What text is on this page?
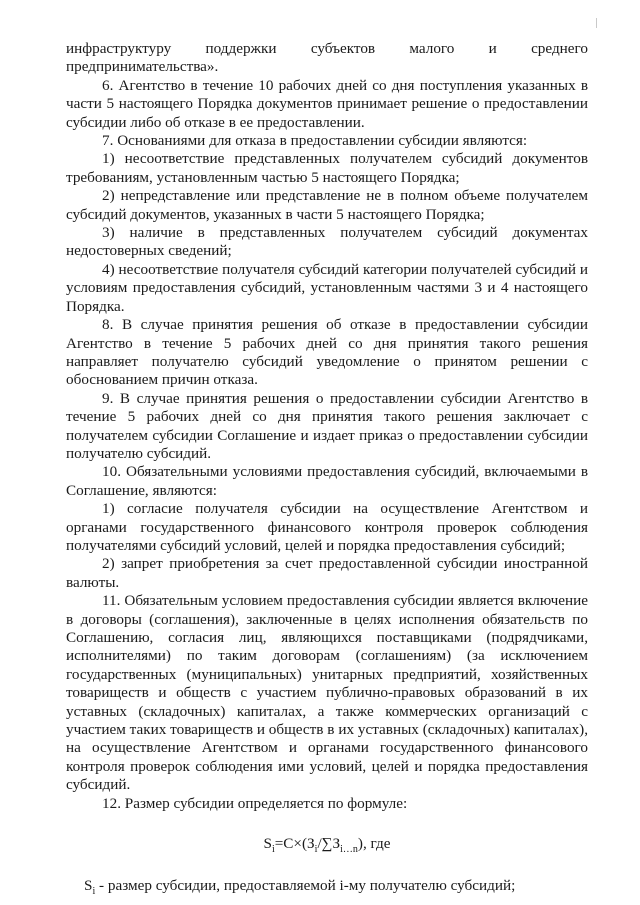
инфраструктуру поддержки субъектов малого и среднего предпринимательства».

6. Агентство в течение 10 рабочих дней со дня поступления указанных в части 5 настоящего Порядка документов принимает решение о предоставлении субсидии либо об отказе в ее предоставлении.

7. Основаниями для отказа в предоставлении субсидии являются:

1) несоответствие представленных получателем субсидий документов требованиям, установленным частью 5 настоящего Порядка;

2) непредставление или представление не в полном объеме получателем субсидий документов, указанных в части 5 настоящего Порядка;

3) наличие в представленных получателем субсидий документах недостоверных сведений;

4) несоответствие получателя субсидий категории получателей субсидий и условиям предоставления субсидий, установленным частями 3 и 4 настоящего Порядка.

8. В случае принятия решения об отказе в предоставлении субсидии Агентство в течение 5 рабочих дней со дня принятия такого решения направляет получателю субсидий уведомление о принятом решении с обоснованием причин отказа.

9. В случае принятия решения о предоставлении субсидии Агентство в течение 5 рабочих дней со дня принятия такого решения заключает с получателем субсидии Соглашение и издает приказ о предоставлении субсидии получателю субсидий.

10. Обязательными условиями предоставления субсидий, включаемыми в Соглашение, являются:

1) согласие получателя субсидии на осуществление Агентством и органами государственного финансового контроля проверок соблюдения получателями субсидий условий, целей и порядка предоставления субсидий;

2) запрет приобретения за счет предоставленной субсидии иностранной валюты.

11. Обязательным условием предоставления субсидии является включение в договоры (соглашения), заключенные в целях исполнения обязательств по Соглашению, согласия лиц, являющихся поставщиками (подрядчиками, исполнителями) по таким договорам (соглашениям) (за исключением государственных (муниципальных) унитарных предприятий, хозяйственных товариществ и обществ с участием публично-правовых образований в их уставных (складочных) капиталах, а также коммерческих организаций с участием таких товариществ и обществ в их уставных (складочных) капиталах), на осуществление Агентством и органами государственного финансового контроля проверок соблюдения ими условий, целей и порядка предоставления субсидий.

12. Размер субсидии определяется по формуле:

$S_i=C\times(З_i/\sum З_{i\dots n})$, где

$S_i$ - размер субсидии, предоставляемой i-му получателю субсидий;
